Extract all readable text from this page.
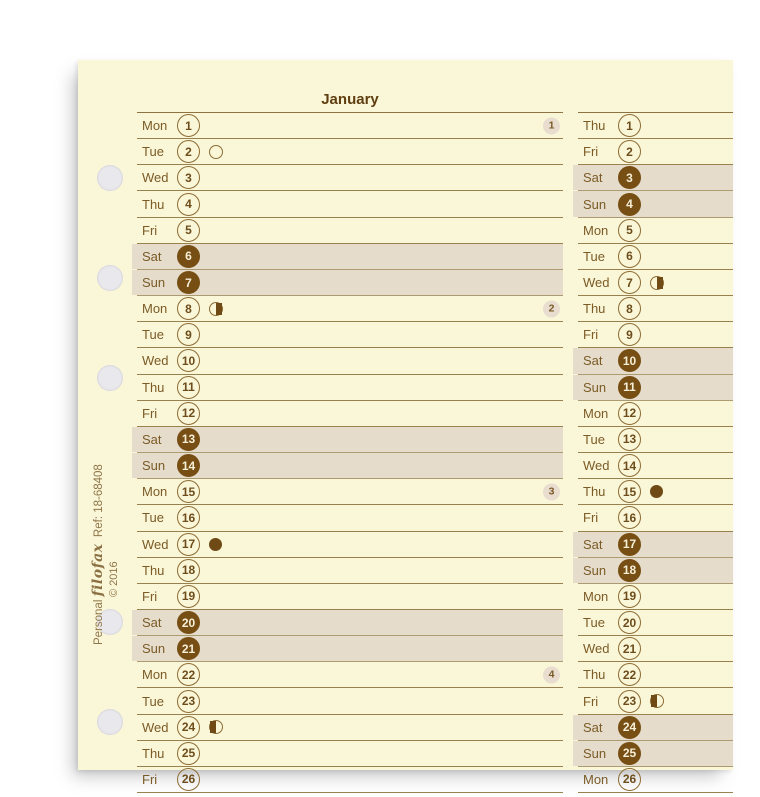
Personal filofax  Ref: 18-68408
© 2016
January
Mon	1	1
Tue	2
Wed	3
Thu	4
Fri	5
Sat	6
Sun	7
Mon	8	2
Tue	9
Wed	10
Thu	11
Fri	12
Sat	13
Sun	14
Mon	15	3
Tue	16
Wed	17
Thu	18
Fri	19
Sat	20
Sun	21
Mon	22	4
Tue	23
Wed	24
Thu	25
Fri	26
Thu	1
Fri	2
Sat	3
Sun	4
Mon	5
Tue	6
Wed	7
Thu	8
Fri	9
Sat	10
Sun	11
Mon	12
Tue	13
Wed	14
Thu	15
Fri	16
Sat	17
Sun	18
Mon	19
Tue	20
Wed	21
Thu	22
Fri	23
Sat	24
Sun	25
Mon	26
